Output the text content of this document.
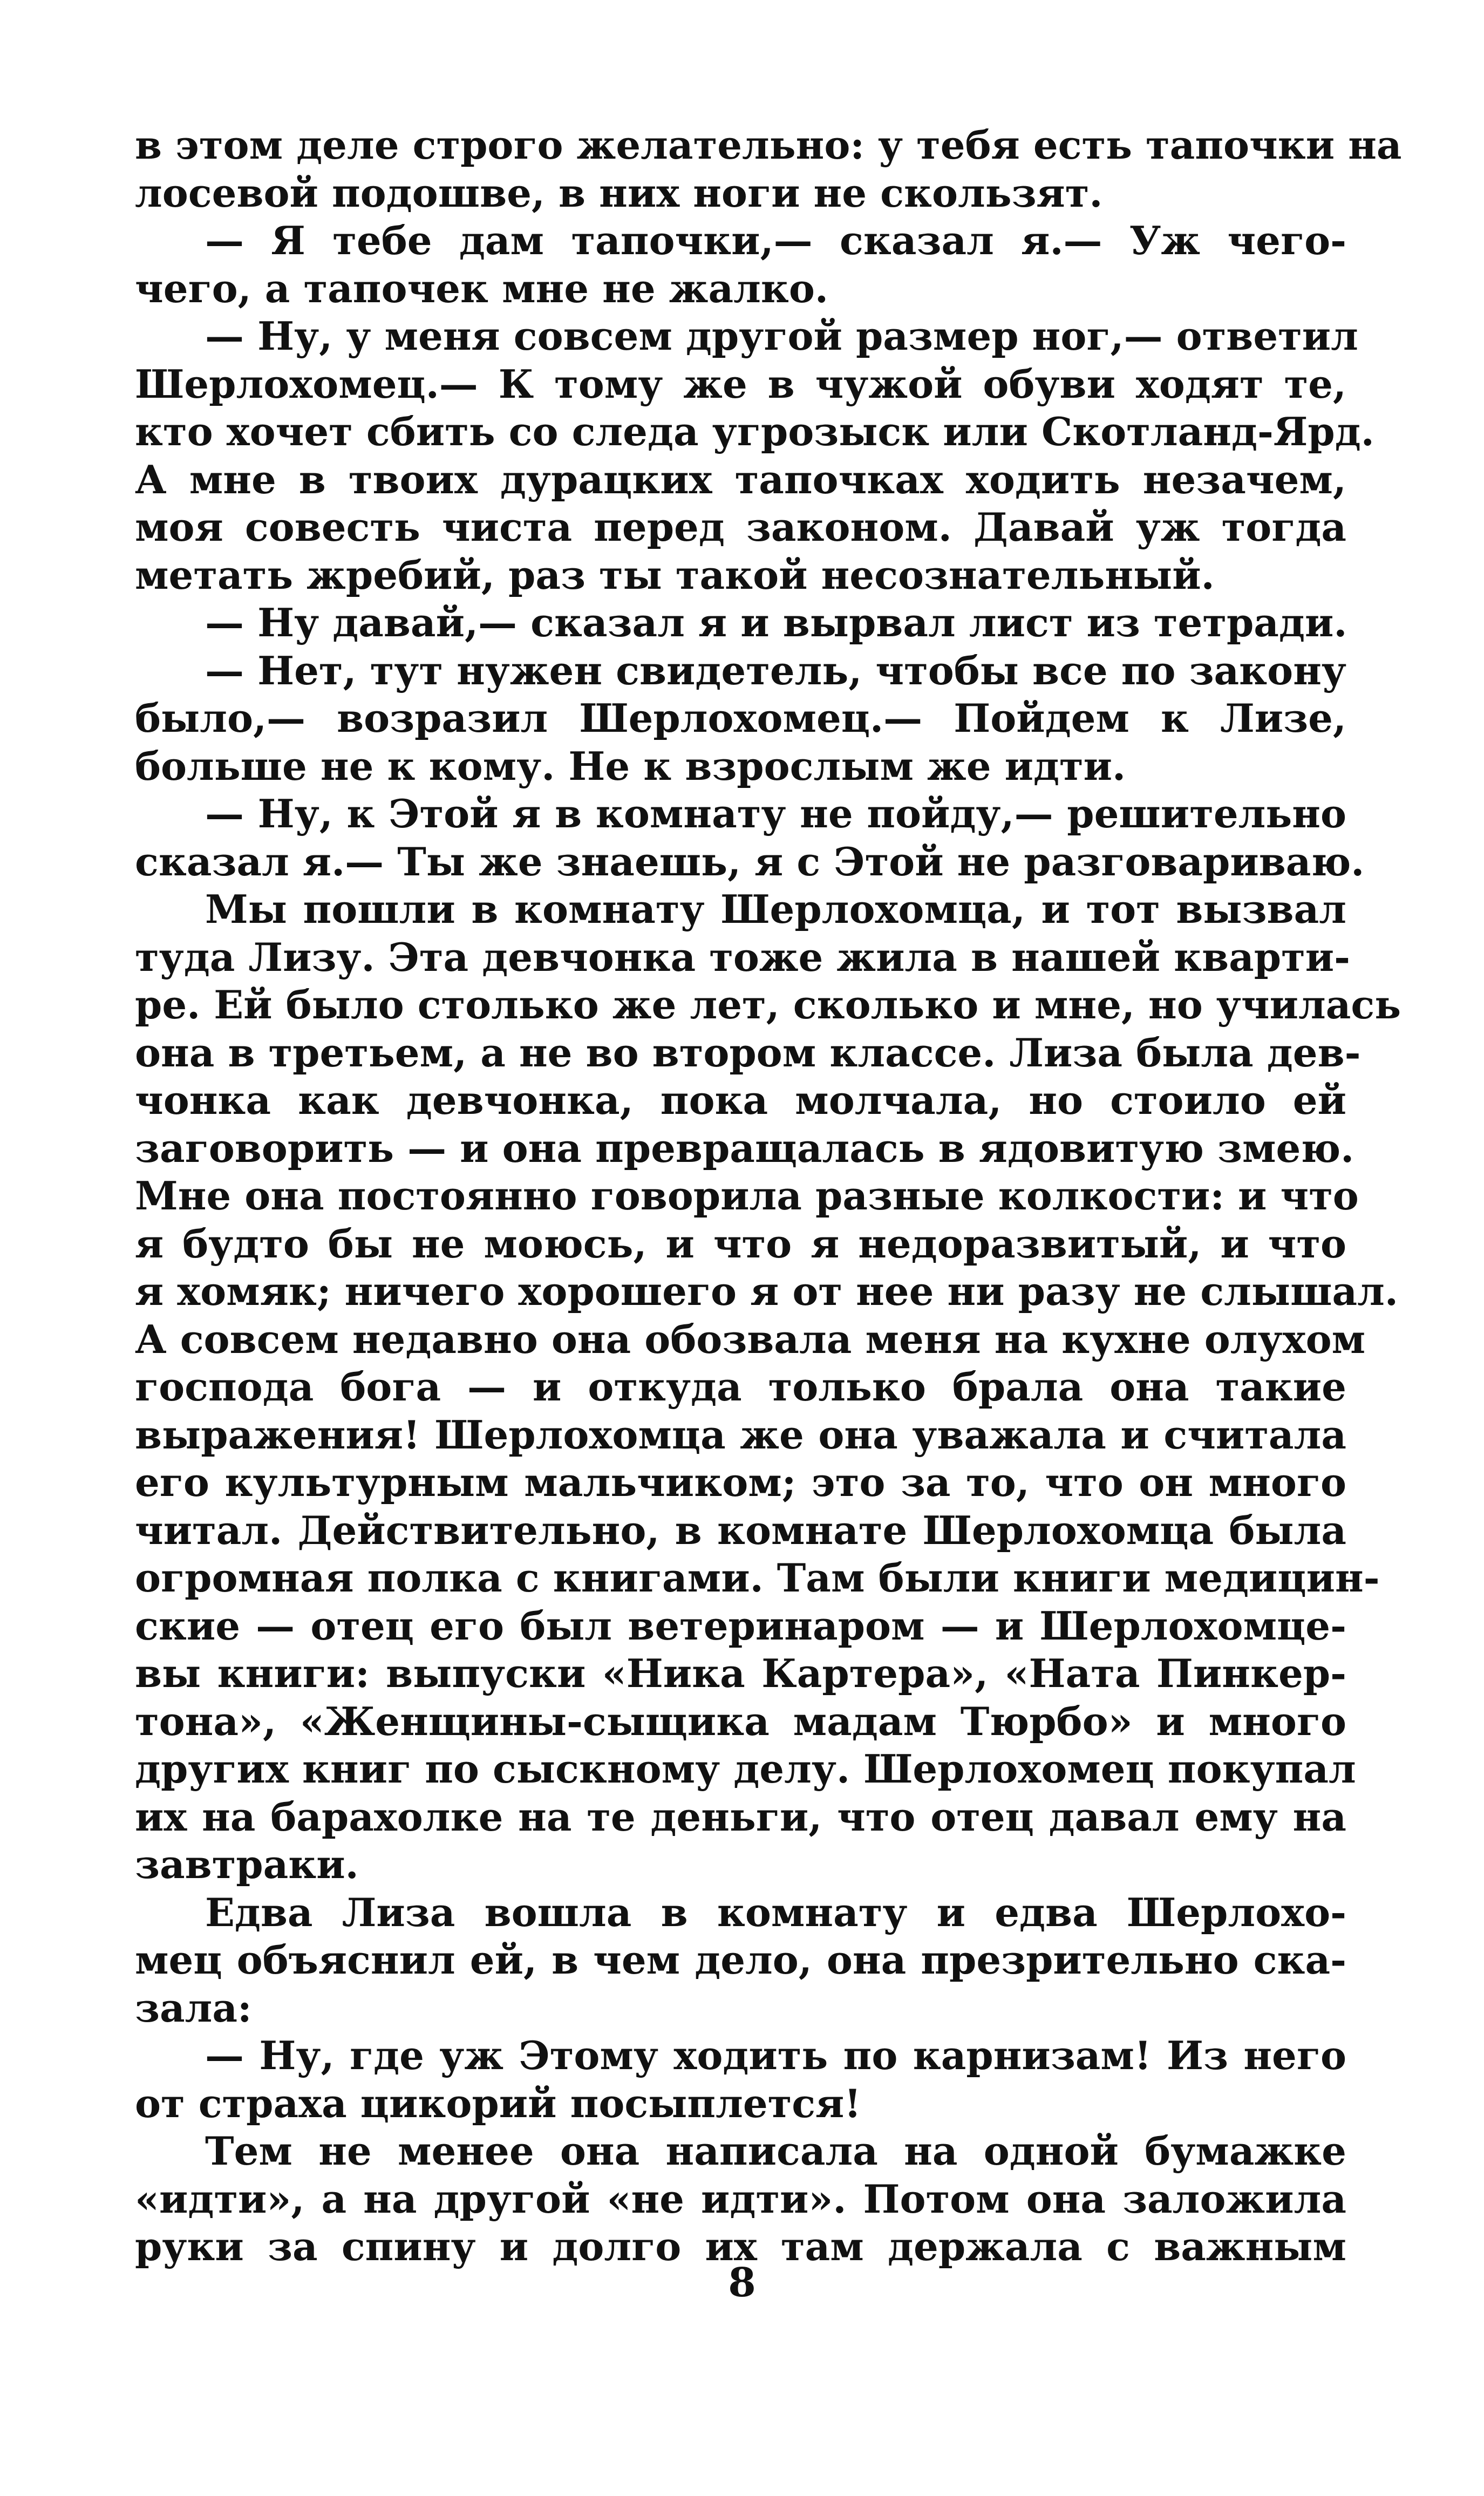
в этом деле строго желательно: у тебя есть тапочки на
лосевой подошве, в них ноги не скользят.
— Я тебе дам тапочки,— сказал я.— Уж чего-
чего, а тапочек мне не жалко.
— Ну, у меня совсем другой размер ног,— ответил
Шерлохомец.— К тому же в чужой обуви ходят те,
кто хочет сбить со следа угрозыск или Скотланд-Ярд.
А мне в твоих дурацких тапочках ходить незачем,
моя совесть чиста перед законом. Давай уж тогда
метать жребий, раз ты такой несознательный.
— Ну давай,— сказал я и вырвал лист из тетради.
— Нет, тут нужен свидетель, чтобы все по закону
было,— возразил Шерлохомец.— Пойдем к Лизе,
больше не к кому. Не к взрослым же идти.
— Ну, к Этой я в комнату не пойду,— решительно
сказал я.— Ты же знаешь, я с Этой не разговариваю.
Мы пошли в комнату Шерлохомца, и тот вызвал
туда Лизу. Эта девчонка тоже жила в нашей кварти-
ре. Ей было столько же лет, сколько и мне, но училась
она в третьем, а не во втором классе. Лиза была дев-
чонка как девчонка, пока молчала, но стоило ей
заговорить — и она превращалась в ядовитую змею.
Мне она постоянно говорила разные колкости: и что
я будто бы не моюсь, и что я недоразвитый, и что
я хомяк; ничего хорошего я от нее ни разу не слышал.
А совсем недавно она обозвала меня на кухне олухом
господа бога — и откуда только брала она такие
выражения! Шерлохомца же она уважала и считала
его культурным мальчиком; это за то, что он много
читал. Действительно, в комнате Шерлохомца была
огромная полка с книгами. Там были книги медицин-
ские — отец его был ветеринаром — и Шерлохомце-
вы книги: выпуски «Ника Картера», «Ната Пинкер-
тона», «Женщины-сыщика мадам Тюрбо» и много
других книг по сыскному делу. Шерлохомец покупал
их на барахолке на те деньги, что отец давал ему на
завтраки.
Едва Лиза вошла в комнату и едва Шерлохо-
мец объяснил ей, в чем дело, она презрительно ска-
зала:
— Ну, где уж Этому ходить по карнизам! Из него
от страха цикорий посыплется!
Тем не менее она написала на одной бумажке
«идти», а на другой «не идти». Потом она заложила
руки за спину и долго их там держала с важным
8
